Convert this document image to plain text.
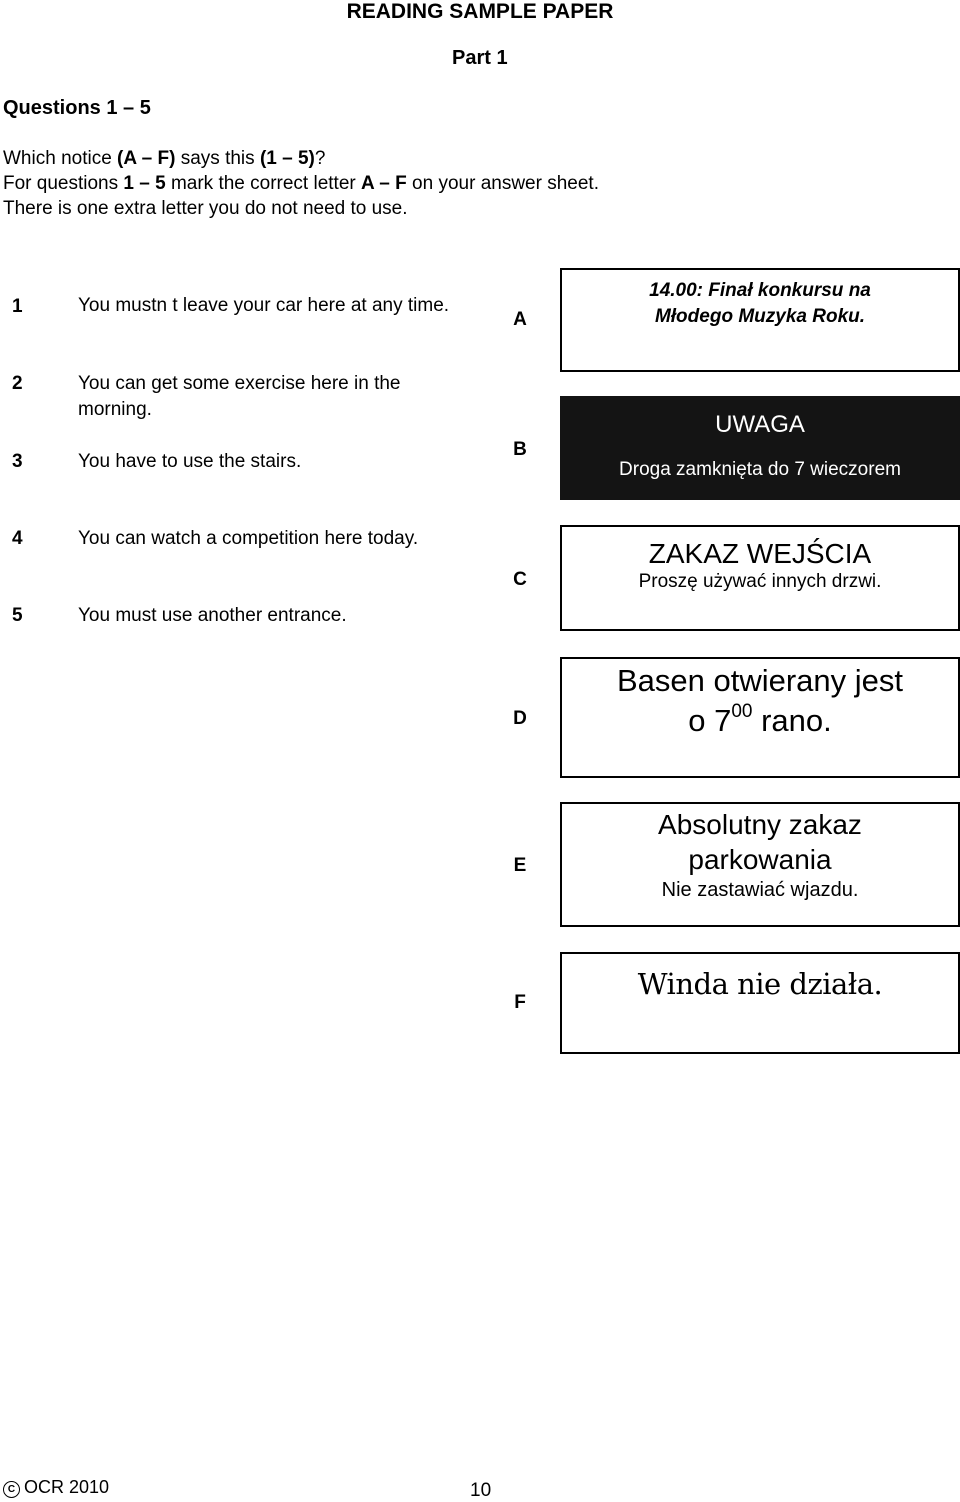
READING SAMPLE PAPER
Part 1
Questions 1 – 5
Which notice (A – F) says this (1 – 5)?
For questions 1 – 5 mark the correct letter A – F on your answer sheet.
There is one extra letter you do not need to use.
1	You mustn t leave your car here at any time.
2	You can get some exercise here in the morning.
3	You have to use the stairs.
4	You can watch a competition here today.
5	You must use another entrance.
A
14.00: Finał konkursu na
Młodego Muzyka Roku.
B
UWAGA
Droga zamknięta do 7 wieczorem
C
ZAKAZ WEJŚCIA
Proszę używać innych drzwi.
D
Basen otwierany jest
o $7^{00}$ rano.
E
Absolutny zakaz parkowania
Nie zastawiać wjazdu.
F
Winda nie działa.
C OCR 2010	10
